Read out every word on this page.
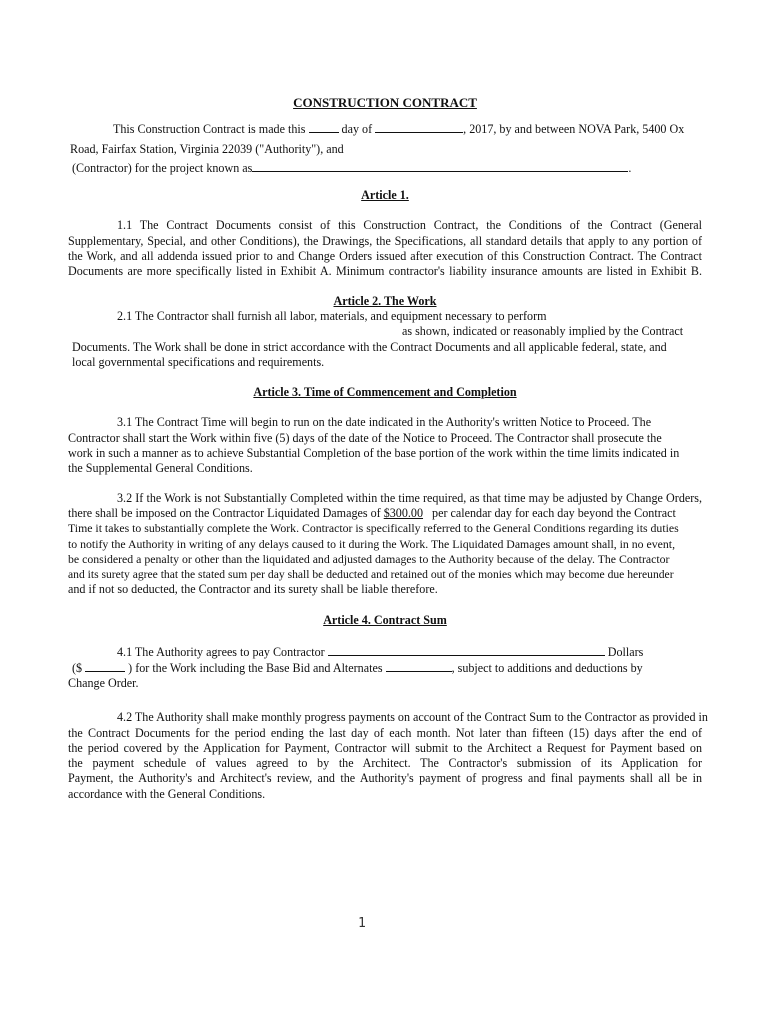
CONSTRUCTION CONTRACT
This Construction Contract is made this	day of	, 2017, by and between NOVA Park, 5400 Ox
Road, Fairfax Station, Virginia 22039 ("Authority"), and
(Contractor) for the project known as	.
Article 1.
1.1 The Contract Documents consist of this Construction Contract, the Conditions of the Contract (General
Supplementary, Special, and other Conditions), the Drawings, the Specifications, all standard details that apply to any portion of
the Work, and all addenda issued prior to and Change Orders issued after execution of this Construction Contract. The Contract
Documents are more specifically listed in Exhibit A. Minimum contractor's liability insurance amounts are listed in Exhibit B.
Article 2. The Work
2.1 The Contractor shall furnish all labor, materials, and equipment necessary to perform
as shown, indicated or reasonably implied by the Contract
Documents. The Work shall be done in strict accordance with the Contract Documents and all applicable federal, state, and
local governmental specifications and requirements.
Article 3. Time of Commencement and Completion
3.1 The Contract Time will begin to run on the date indicated in the Authority's written Notice to Proceed. The
Contractor shall start the Work within five (5) days of the date of the Notice to Proceed. The Contractor shall prosecute the
work in such a manner as to achieve Substantial Completion of the base portion of the work within the time limits indicated in
the Supplemental General Conditions.
3.2 If the Work is not Substantially Completed within the time required, as that time may be adjusted by Change Orders,
there shall be imposed on the Contractor Liquidated Damages of $300.00 per calendar day for each day beyond the Contract
Time it takes to substantially complete the Work. Contractor is specifically referred to the General Conditions regarding its duties
to notify the Authority in writing of any delays caused to it during the Work. The Liquidated Damages amount shall, in no event,
be considered a penalty or other than the liquidated and adjusted damages to the Authority because of the delay. The Contractor
and its surety agree that the stated sum per day shall be deducted and retained out of the monies which may become due hereunder
and if not so deducted, the Contractor and its surety shall be liable therefore.
Article 4. Contract Sum
4.1 The Authority agrees to pay Contractor	Dollars
($	) for the Work including the Base Bid and Alternates	, subject to additions and deductions by
Change Order.
4.2 The Authority shall make monthly progress payments on account of the Contract Sum to the Contractor as provided in
the Contract Documents for the period ending the last day of each month. Not later than fifteen (15) days after the end of
the period covered by the Application for Payment, Contractor will submit to the Architect a Request for Payment based on
the payment schedule of values agreed to by the Architect. The Contractor's submission of its Application for
Payment, the Authority's and Architect's review, and the Authority's payment of progress and final payments shall all be in
accordance with the General Conditions.
1
